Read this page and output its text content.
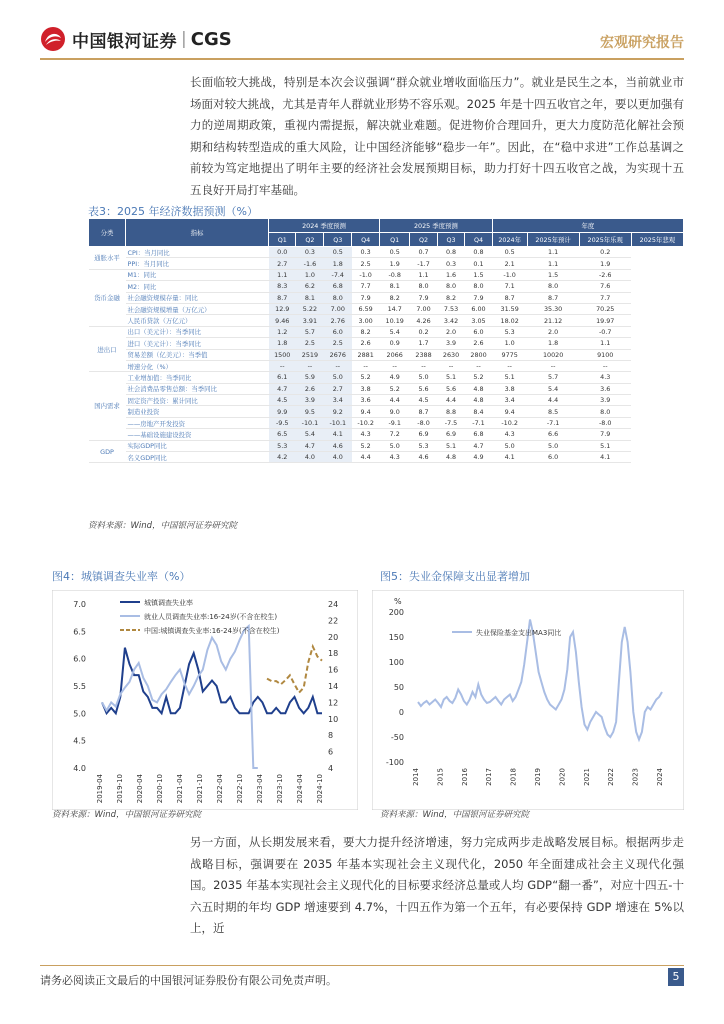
中国银河证券 | CGS	宏观研究报告
长面临较大挑战，特别是本次会议强调“群众就业增收面临压力”。就业是民生之本，当前就业市场面对较大挑战，尤其是青年人群就业形势不容乐观。2025 年是十四五收官之年，要以更加强有力的逆周期政策，重视内需提振，解决就业难题。促进物价合理回升，更大力度防范化解社会预期和结构转型造成的重大风险，让中国经济能够“稳步一年”。因此，在“稳中求进”工作总基调之前较为笃定地提出了明年主要的经济社会发展预期目标，助力打好十四五收官之战，为实现十五五良好开局打牢基础。
表3：2025 年经济数据预测（%）
分类	指标	2024 季度预测				2025 季度预测				年度			
		Q1	Q2	Q3	Q4	Q1	Q2	Q3	Q4	2024年	2025年预计	2025年乐观	2025年悲观
通胀水平	CPI：当月同比	0.0	0.3	0.5	0.3	0.5	0.7	0.8	0.8	0.5	1.1	0.2	
	PPI：当月同比	2.7	-1.6	1.8	2.5	1.9	-1.7	0.3	0.1	2.1	1.1	1.9	
货币金融	M1：同比	1.1	1.0	-7.4	-1.0	-0.8	1.1	1.6	1.5	-1.0	1.5	-2.6	
	M2：同比	8.3	6.2	6.8	7.7	8.1	8.0	8.0	8.0	7.1	8.0	7.6	
	社会融资规模存量：同比	8.7	8.1	8.0	7.9	8.2	7.9	8.2	7.9	8.7	8.7	7.7	
	社会融资规模增量（万亿元）	12.9	5.22	7.00	6.59	14.7	7.00	7.53	6.00	31.59	35.30	70.25	
	人民币贷款（万亿元）	9.46	3.91	2.76	3.00	10.19	4.26	3.42	3.05	18.02	21.12	19.97	
进出口	出口（美元计）：当季同比	1.2	5.7	6.0	8.2	5.4	0.2	2.0	6.0	5.3	2.0	-0.7	
	进口（美元计）：当季同比	1.8	2.5	2.5	2.6	0.9	1.7	3.9	2.6	1.0	1.8	1.1	
	贸易差额（亿美元）：当季值	1500	2519	2676	2881	2066	2388	2630	2800	9775	10020	9100	
	增速分化（%）	--	--	--	--	--	--	--	--	--	--	--	
国内需求	工业增加值：当季同比	6.1	5.9	5.0	5.2	4.9	5.0	5.1	5.2	5.1	5.7	4.3	
	社会消费品零售总额：当季同比	4.7	2.6	2.7	3.8	5.2	5.6	5.6	4.8	3.8	5.4	3.6	
	固定资产投资：累计同比	4.5	3.9	3.4	3.6	4.4	4.5	4.4	4.8	3.4	4.4	3.9	
	制造业投资	9.9	9.5	9.2	9.4	9.0	8.7	8.8	8.4	9.4	8.5	8.0	
	——房地产开发投资	-9.5	-10.1	-10.1	-10.2	-9.1	-8.0	-7.5	-7.1	-10.2	-7.1	-8.0	
	——基础设施建设投资	6.5	5.4	4.1	4.3	7.2	6.9	6.9	6.8	4.3	6.6	7.9	
GDP	实际GDP同比	5.3	4.7	4.6	5.2	5.0	5.3	5.1	4.7	5.0	5.0	5.1	
	名义GDP同比	4.2	4.0	4.0	4.4	4.3	4.6	4.8	4.9	4.1	6.0	4.1	
资料来源：Wind，中国银河证券研究院
图4：城镇调查失业率（%）
7.0
6.5
6.0
5.5
5.0
4.5
4.0
24
22
20
18
16
14
12
10
8
6
4
2019-04 2019-10 2020-04 2020-10 2021-04 2021-10 2022-04 2022-10 2023-04 2023-10 2024-04 2024-10
城镇调查失业率
就业人员调查失业率:16-24岁(不含在校生)
中国:城镇调查失业率:16-24岁(不含在校生)
资料来源：Wind，中国银河证券研究院
图5：失业金保障支出显著增加
%
200
150
100
50
0
-50
-100
2014 2015 2016 2017 2018 2019 2020 2021 2022 2023 2024
失业保险基金支出MA3同比
资料来源：Wind，中国银河证券研究院
另一方面，从长期发展来看，要大力提升经济增速，努力完成两步走战略发展目标。根据两步走战略目标，强调要在 2035 年基本实现社会主义现代化，2050 年全面建成社会主义现代化强国。2035 年基本实现社会主义现代化的目标要求经济总量或人均 GDP“翻一番”，对应十四五-十六五时期的年均 GDP 增速要到 4.7%，十四五作为第一个五年，有必要保持 GDP 增速在 5%以上，近
请务必阅读正文最后的中国银河证券股份有限公司免责声明。	5
